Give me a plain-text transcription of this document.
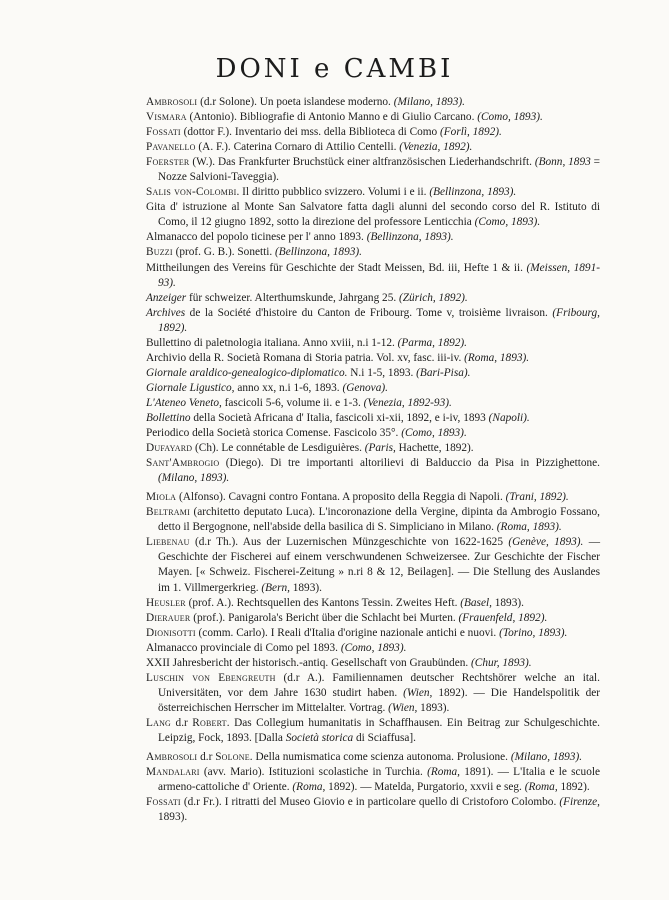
DONI e CAMBI
Ambrosoli (d.r Solone). Un poeta islandese moderno. (Milano, 1893).
Vismara (Antonio). Bibliografie di Antonio Manno e di Giulio Carcano. (Como, 1893).
Fossati (dottor F.). Inventario dei mss. della Biblioteca di Como (Forlì, 1892).
Pavanello (A. F.). Caterina Cornaro di Attilio Centelli. (Venezia, 1892).
Foerster (W.). Das Frankfurter Bruchstück einer altfranzösischen Liederhandschrift. (Bonn, 1893 = Nozze Salvioni-Taveggia).
Salis von-Colombi. Il diritto pubblico svizzero. Volumi i e ii. (Bellinzona, 1893).
Gita d' istruzione al Monte San Salvatore fatta dagli alunni del secondo corso del R. Istituto di Como, il 12 giugno 1892, sotto la direzione del professore Lenticchia (Como, 1893).
Almanacco del popolo ticinese per l' anno 1893. (Bellinzona, 1893).
Buzzi (prof. G. B.). Sonetti. (Bellinzona, 1893).
Mittheilungen des Vereins für Geschichte der Stadt Meissen, Bd. iii, Hefte 1 & ii. (Meissen, 1891-93).
Anzeiger für schweizer. Alterthumskunde, Jahrgang 25. (Zürich, 1892).
Archives de la Société d'histoire du Canton de Fribourg. Tome v, troisième livraison. (Fribourg, 1892).
Bullettino di paletnologia italiana. Anno xviii, n.i 1-12. (Parma, 1892).
Archivio della R. Società Romana di Storia patria. Vol. xv, fasc. iii-iv. (Roma, 1893).
Giornale araldico-genealogico-diplomatico. N.i 1-5, 1893. (Bari-Pisa).
Giornale Ligustico, anno xx, n.i 1-6, 1893. (Genova).
L'Ateneo Veneto, fascicoli 5-6, volume ii. e 1-3. (Venezia, 1892-93).
Bollettino della Società Africana d' Italia, fascicoli xi-xii, 1892, e i-iv, 1893 (Napoli).
Periodico della Società storica Comense. Fascicolo 35°. (Como, 1893).
Dufayard (Ch). Le connétable de Lesdiguières. (Paris, Hachette, 1892).
Sant'Ambrogio (Diego). Di tre importanti altorilievi di Balduccio da Pisa in Pizzighettone. (Milano, 1893).
Miola (Alfonso). Cavagni contro Fontana. A proposito della Reggia di Napoli. (Trani, 1892).
Beltrami (architetto deputato Luca). L'incoronazione della Vergine, dipinta da Ambrogio Fossano, detto il Bergognone, nell'abside della basilica di S. Simpliciano in Milano. (Roma, 1893).
Liebenau (d.r Th.). Aus der Luzernischen Münzgeschichte von 1622-1625 (Genève, 1893). — Geschichte der Fischerei auf einem verschwundenen Schweizersee. Zur Geschichte der Fischer Mayen. [« Schweiz. Fischerei-Zeitung » n.ri 8 & 12, Beilagen]. — Die Stellung des Auslandes im 1. Villmergerkrieg. (Bern, 1893).
Heusler (prof. A.). Rechtsquellen des Kantons Tessin. Zweites Heft. (Basel, 1893).
Dierauer (prof.). Panigarola's Bericht über die Schlacht bei Murten. (Frauenfeld, 1892).
Dionisotti (comm. Carlo). I Reali d'Italia d'origine nazionale antichi e nuovi. (Torino, 1893).
Almanacco provinciale di Como pel 1893. (Como, 1893).
XXII Jahresbericht der historisch.-antiq. Gesellschaft von Graubünden. (Chur, 1893).
Luschin von Ebengreuth (d.r A.). Familiennamen deutscher Rechtshörer welche an ital. Universitäten, vor dem Jahre 1630 studirt haben. (Wien, 1892). — Die Handelspolitik der österreichischen Herrscher im Mittelalter. Vortrag. (Wien, 1893).
Lang d.r Robert. Das Collegium humanitatis in Schaffhausen. Ein Beitrag zur Schulgeschichte. Leipzig, Fock, 1893. [Dalla Società storica di Sciaffusa].
Ambrosoli d.r Solone. Della numismatica come scienza autonoma. Prolusione. (Milano, 1893).
Mandalari (avv. Mario). Istituzioni scolastiche in Turchia. (Roma, 1891). — L'Italia e le scuole armeno-cattoliche d' Oriente. (Roma, 1892). — Matelda, Purgatorio, xxvii e seg. (Roma, 1892).
Fossati (d.r Fr.). I ritratti del Museo Giovio e in particolare quello di Cristoforo Colombo. (Firenze, 1893).
